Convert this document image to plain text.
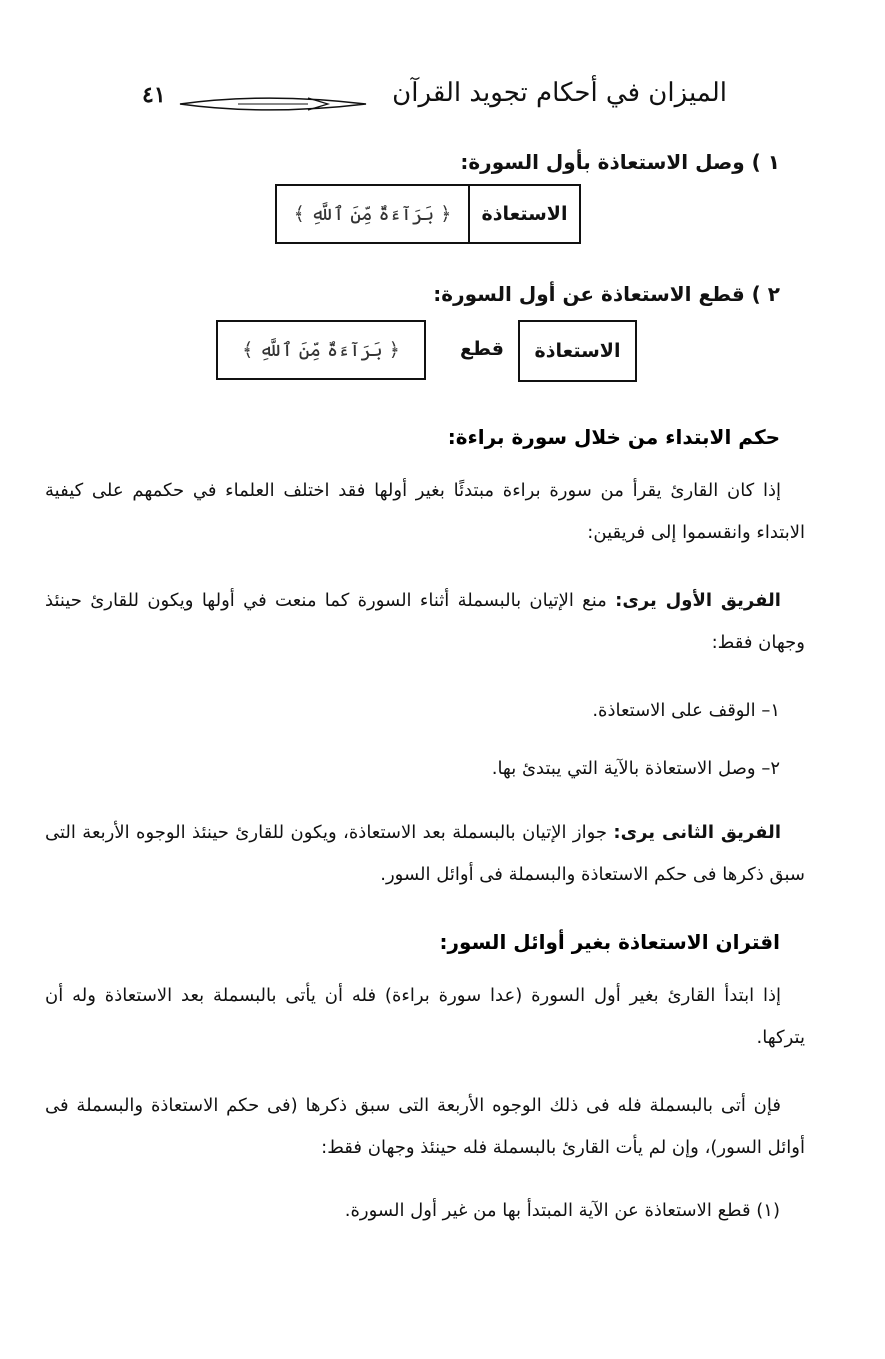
الميزان في أحكام تجويد القرآن
٤١
١ ) وصل الاستعاذة بأول السورة:
الاستعاذة
﴿ بَرَآءَةٌ مِّنَ ٱللَّهِ ﴾
٢ ) قطع الاستعاذة عن أول السورة:
الاستعاذة
قطع
﴿ بَرَآءَةٌ مِّنَ ٱللَّهِ ﴾
حكم الابتداء من خلال سورة براءة:
إذا كان القارئ يقرأ من سورة براءة مبتدئًا بغير أولها فقد اختلف العلماء في حكمهم على كيفية الابتداء وانقسموا إلى فريقين:
الفريق الأول يرى: منع الإتيان بالبسملة أثناء السورة كما منعت في أولها ويكون للقارئ حينئذ وجهان فقط:
١– الوقف على الاستعاذة.
٢– وصل الاستعاذة بالآية التي يبتدئ بها.
الفريق الثانى يرى: جواز الإتيان بالبسملة بعد الاستعاذة، ويكون للقارئ حينئذ الوجوه الأربعة التى سبق ذكرها فى حكم الاستعاذة والبسملة فى أوائل السور.
اقتران الاستعاذة بغير أوائل السور:
إذا ابتدأ القارئ بغير أول السورة (عدا سورة براءة) فله أن يأتى بالبسملة بعد الاستعاذة وله أن يتركها.
فإن أتى بالبسملة فله فى ذلك الوجوه الأربعة التى سبق ذكرها (فى حكم الاستعاذة والبسملة فى أوائل السور)، وإن لم يأت القارئ بالبسملة فله حينئذ وجهان فقط:
(١) قطع الاستعاذة عن الآية المبتدأ بها من غير أول السورة.
